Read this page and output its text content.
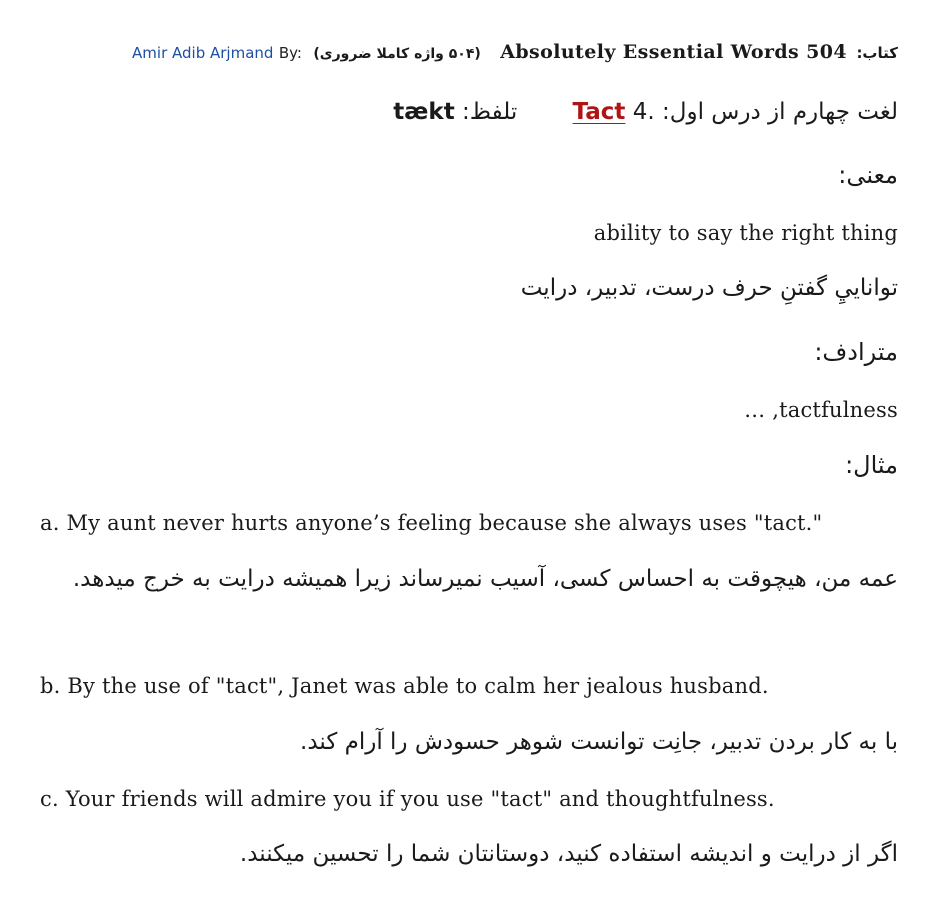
کتاب: Absolutely Essential Words 504 (۵۰۴ واژه کاملا ضروری) By: Amir Adib Arjmand
لغت چهارم از درس اول: 4. Tact تلفظ: tækt
معنی:
ability to say the right thing
توانایيِ گفتنِ حرف درست، تدبیر، درایت
مترادف:
tactfulness, …
مثال:
a. My aunt never hurts anyone’s feeling because she always uses "tact."
عمه من، هیچوقت به احساس کسی، آسیب نمیرساند زیرا همیشه درایت به خرج میدهد.
b. By the use of "tact", Janet was able to calm her jealous husband.
با به کار بردن تدبیر، جانِت توانست شوهر حسودش را آرام کند.
c. Your friends will admire you if you use "tact" and thoughtfulness.
اگر از درایت و اندیشه استفاده کنید، دوستانتان شما را تحسین میکنند.
